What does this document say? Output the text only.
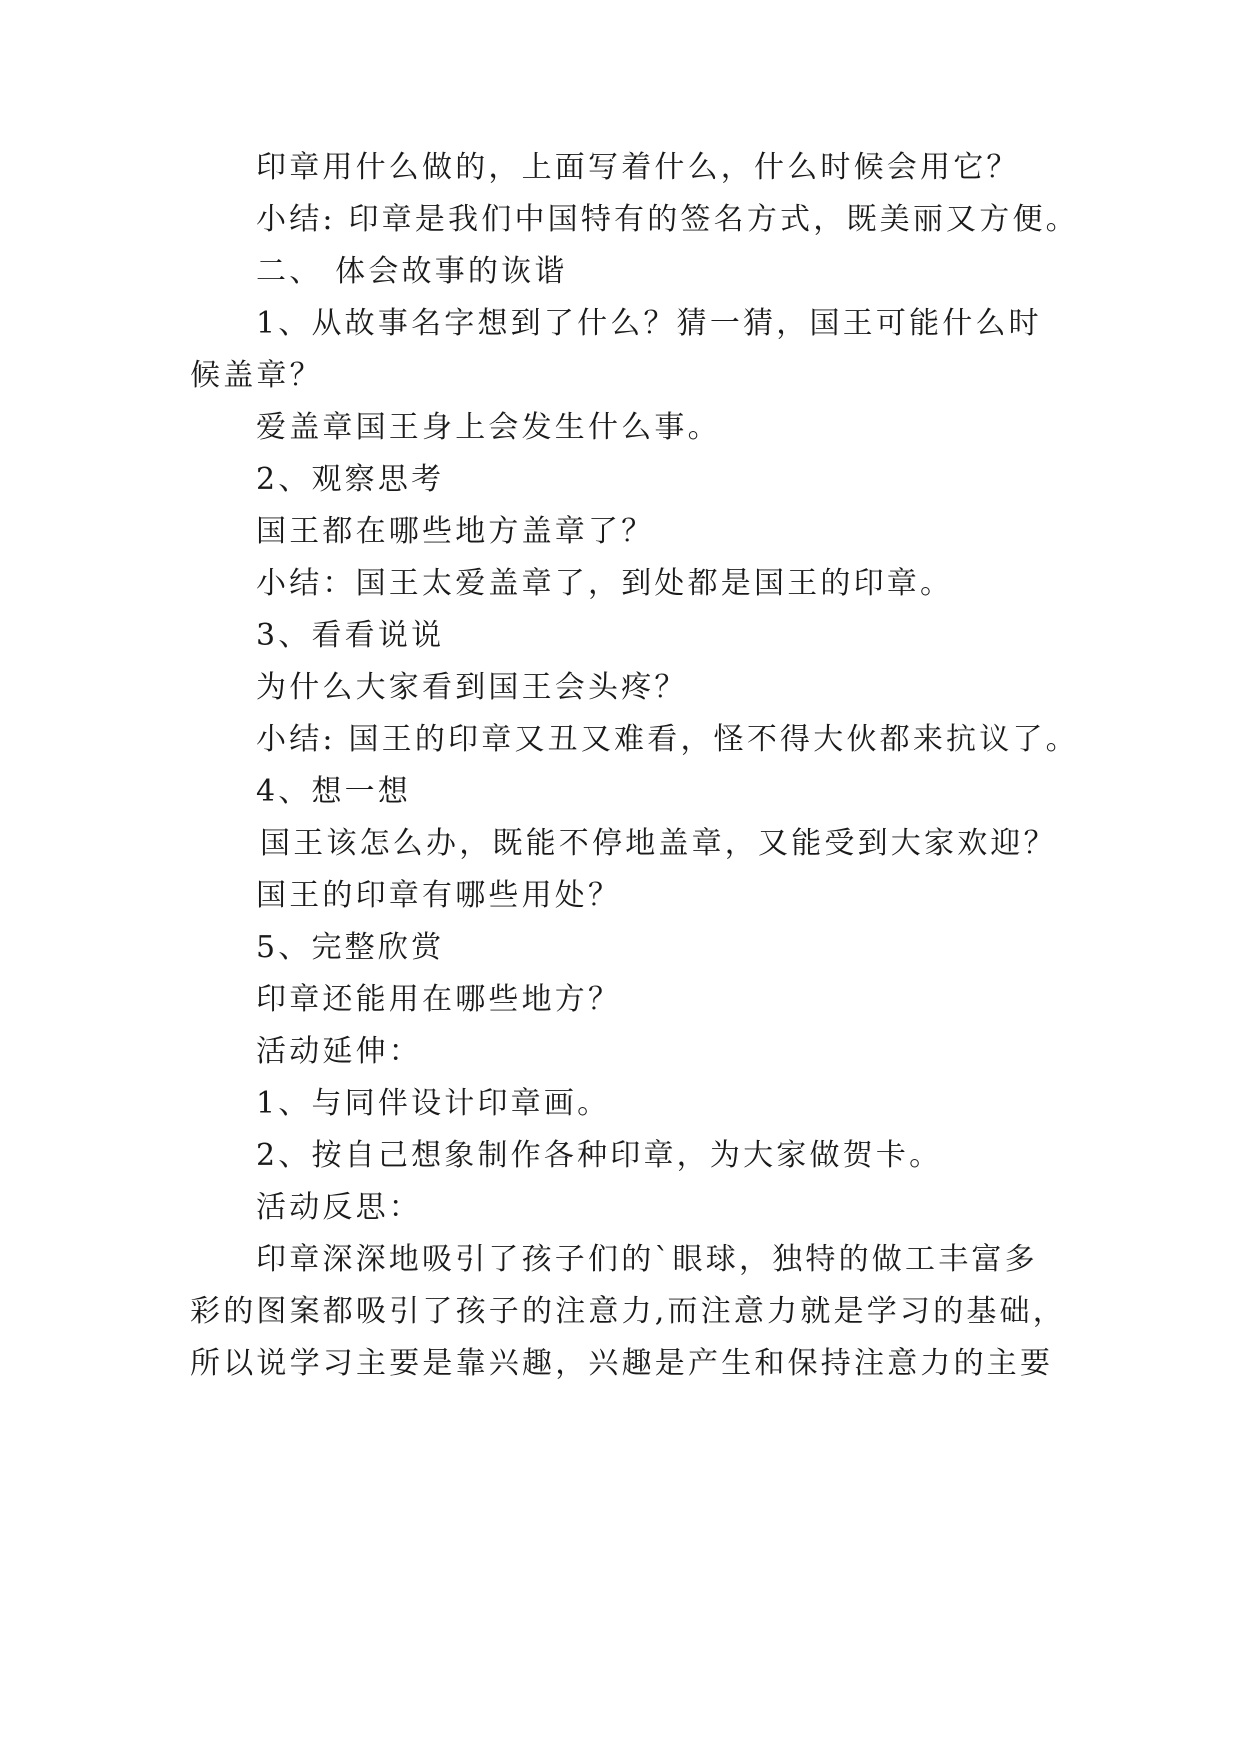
印章用什么做的，上面写着什么，什么时候会用它？
小结: 印章是我们中国特有的签名方式，既美丽又方便。
二、 体会故事的诙谐
1、从故事名字想到了什么？猜一猜，国王可能什么时
候盖章？
爱盖章国王身上会发生什么事。
2、观察思考
国王都在哪些地方盖章了？
小结：国王太爱盖章了，到处都是国王的印章。
3、看看说说
为什么大家看到国王会头疼？
小结: 国王的印章又丑又难看，怪不得大伙都来抗议了。
4、想一想
国王该怎么办，既能不停地盖章，又能受到大家欢迎？
国王的印章有哪些用处？
5、完整欣赏
印章还能用在哪些地方？
活动延伸：
1、与同伴设计印章画。
2、按自己想象制作各种印章，为大家做贺卡。
活动反思：
印章深深地吸引了孩子们的`眼球，独特的做工丰富多
彩的图案都吸引了孩子的注意力,而注意力就是学习的基础，
所以说学习主要是靠兴趣，兴趣是产生和保持注意力的主要
